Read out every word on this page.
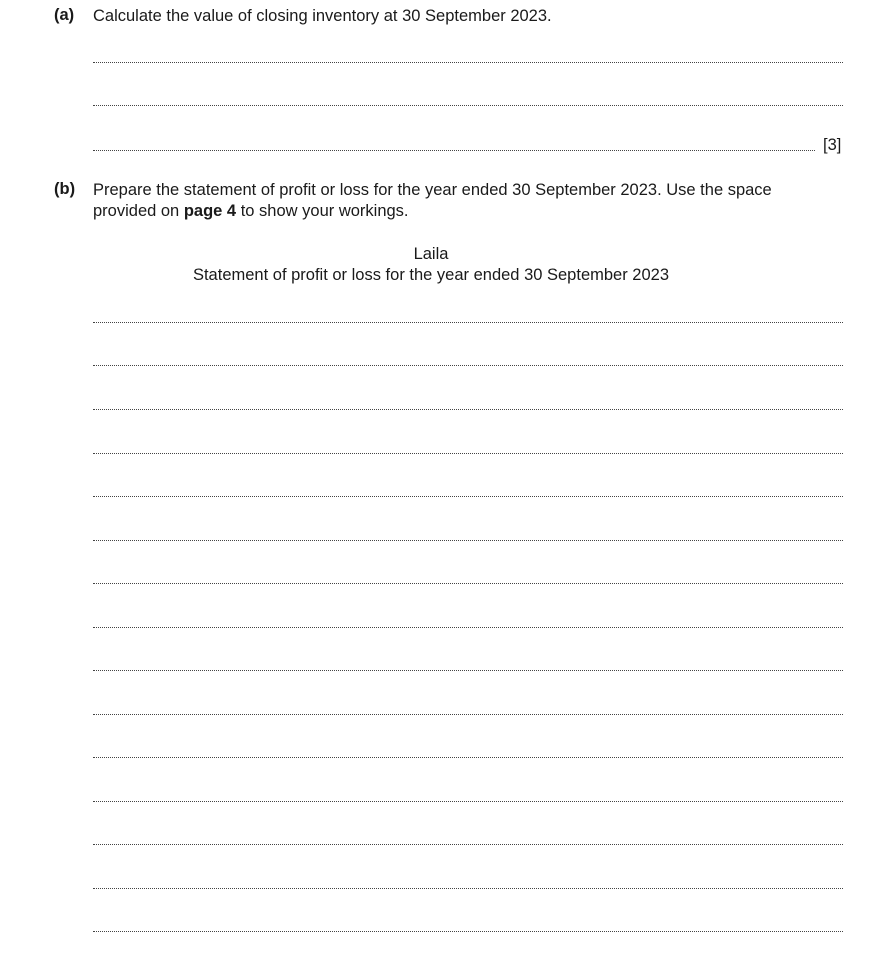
(a) Calculate the value of closing inventory at 30 September 2023.
[3]
(b) Prepare the statement of profit or loss for the year ended 30 September 2023. Use the space
provided on page 4 to show your workings.
Laila
Statement of profit or loss for the year ended 30 September 2023
